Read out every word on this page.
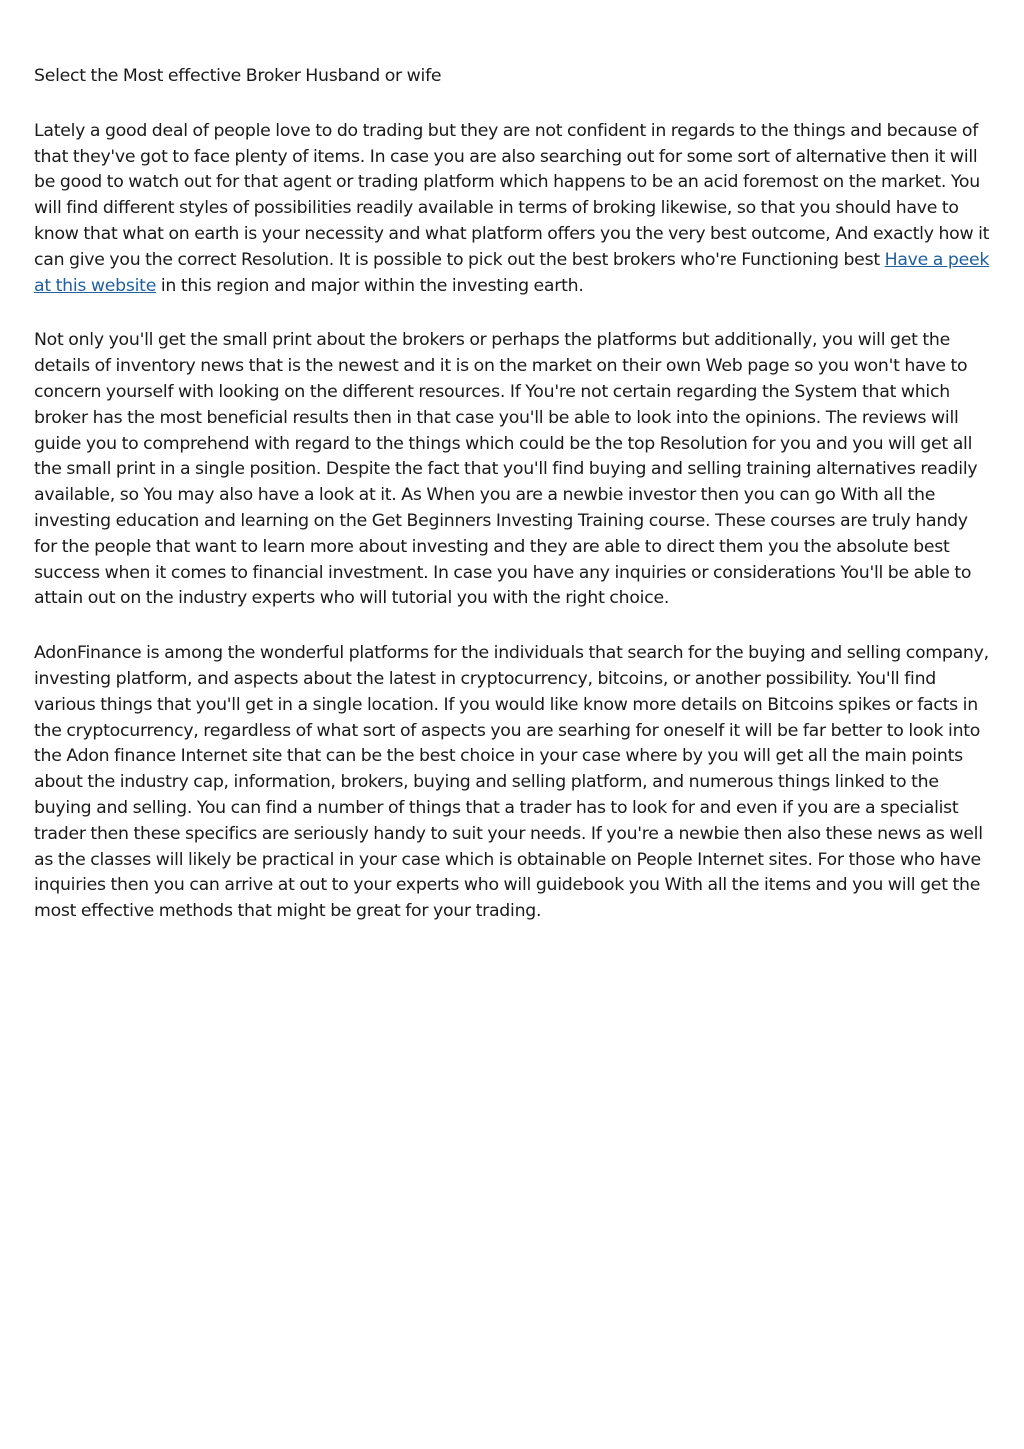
Select the Most effective Broker Husband or wife

Lately a good deal of people love to do trading but they are not confident in regards to the things and because of that they've got to face plenty of items. In case you are also searching out for some sort of alternative then it will be good to watch out for that agent or trading platform which happens to be an acid foremost on the market. You will find different styles of possibilities readily available in terms of broking likewise, so that you should have to know that what on earth is your necessity and what platform offers you the very best outcome, And exactly how it can give you the correct Resolution. It is possible to pick out the best brokers who're Functioning best Have a peek at this website in this region and major within the investing earth.

Not only you'll get the small print about the brokers or perhaps the platforms but additionally, you will get the details of inventory news that is the newest and it is on the market on their own Web page so you won't have to concern yourself with looking on the different resources. If You're not certain regarding the System that which broker has the most beneficial results then in that case you'll be able to look into the opinions. The reviews will guide you to comprehend with regard to the things which could be the top Resolution for you and you will get all the small print in a single position. Despite the fact that you'll find buying and selling training alternatives readily available, so You may also have a look at it. As When you are a newbie investor then you can go With all the investing education and learning on the Get Beginners Investing Training course. These courses are truly handy for the people that want to learn more about investing and they are able to direct them you the absolute best success when it comes to financial investment. In case you have any inquiries or considerations You'll be able to attain out on the industry experts who will tutorial you with the right choice.

AdonFinance is among the wonderful platforms for the individuals that search for the buying and selling company, investing platform, and aspects about the latest in cryptocurrency, bitcoins, or another possibility. You'll find various things that you'll get in a single location. If you would like know more details on Bitcoins spikes or facts in the cryptocurrency, regardless of what sort of aspects you are searhing for oneself it will be far better to look into the Adon finance Internet site that can be the best choice in your case where by you will get all the main points about the industry cap, information, brokers, buying and selling platform, and numerous things linked to the buying and selling. You can find a number of things that a trader has to look for and even if you are a specialist trader then these specifics are seriously handy to suit your needs. If you're a newbie then also these news as well as the classes will likely be practical in your case which is obtainable on People Internet sites. For those who have inquiries then you can arrive at out to your experts who will guidebook you With all the items and you will get the most effective methods that might be great for your trading.
